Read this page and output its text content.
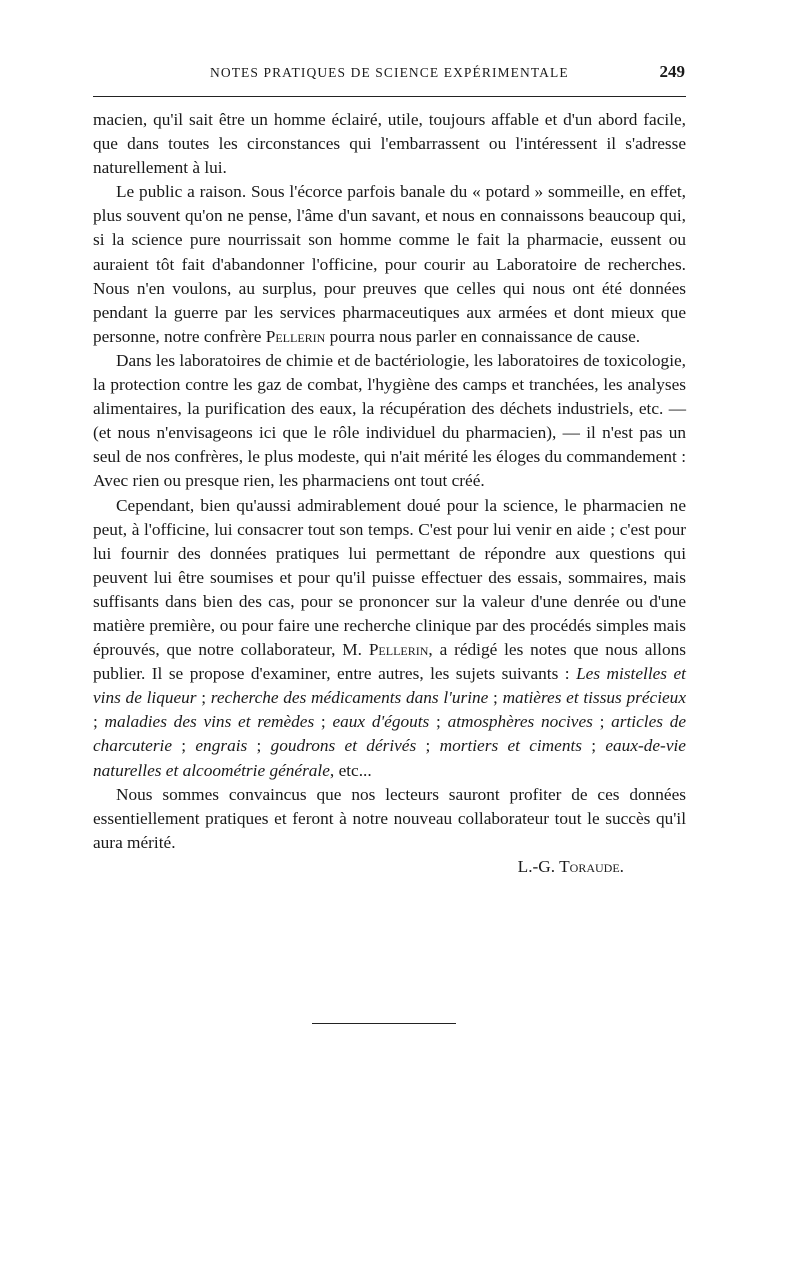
NOTES PRATIQUES DE SCIENCE EXPÉRIMENTALE	249

macien, qu'il sait être un homme éclairé, utile, toujours affable et d'un abord facile, que dans toutes les circonstances qui l'embarrassent ou l'intéressent il s'adresse naturellement à lui.

Le public a raison. Sous l'écorce parfois banale du « potard » sommeille, en effet, plus souvent qu'on ne pense, l'âme d'un savant, et nous en connaissons beaucoup qui, si la science pure nourrissait son homme comme le fait la pharmacie, eussent ou auraient tôt fait d'abandonner l'officine, pour courir au Laboratoire de recherches. Nous n'en voulons, au surplus, pour preuves que celles qui nous ont été données pendant la guerre par les services pharmaceutiques aux armées et dont mieux que personne, notre confrère Pellerin pourra nous parler en connaissance de cause.

Dans les laboratoires de chimie et de bactériologie, les laboratoires de toxicologie, la protection contre les gaz de combat, l'hygiène des camps et tranchées, les analyses alimentaires, la purification des eaux, la récupération des déchets industriels, etc. — (et nous n'envisageons ici que le rôle individuel du pharmacien), — il n'est pas un seul de nos confrères, le plus modeste, qui n'ait mérité les éloges du commandement : Avec rien ou presque rien, les pharmaciens ont tout créé.

Cependant, bien qu'aussi admirablement doué pour la science, le pharmacien ne peut, à l'officine, lui consacrer tout son temps. C'est pour lui venir en aide ; c'est pour lui fournir des données pratiques lui permettant de répondre aux questions qui peuvent lui être soumises et pour qu'il puisse effectuer des essais, sommaires, mais suffisants dans bien des cas, pour se prononcer sur la valeur d'une denrée ou d'une matière première, ou pour faire une recherche clinique par des procédés simples mais éprouvés, que notre collaborateur, M. Pellerin, a rédigé les notes que nous allons publier. Il se propose d'examiner, entre autres, les sujets suivants : Les mistelles et vins de liqueur ; recherche des médicaments dans l'urine ; matières et tissus précieux ; maladies des vins et remèdes ; eaux d'égouts ; atmosphères nocives ; articles de charcuterie ; engrais ; goudrons et dérivés ; mortiers et ciments ; eaux-de-vie naturelles et alcoométrie générale, etc...

Nous sommes convaincus que nos lecteurs sauront profiter de ces données essentiellement pratiques et feront à notre nouveau collaborateur tout le succès qu'il aura mérité.

L.-G. Toraude.
